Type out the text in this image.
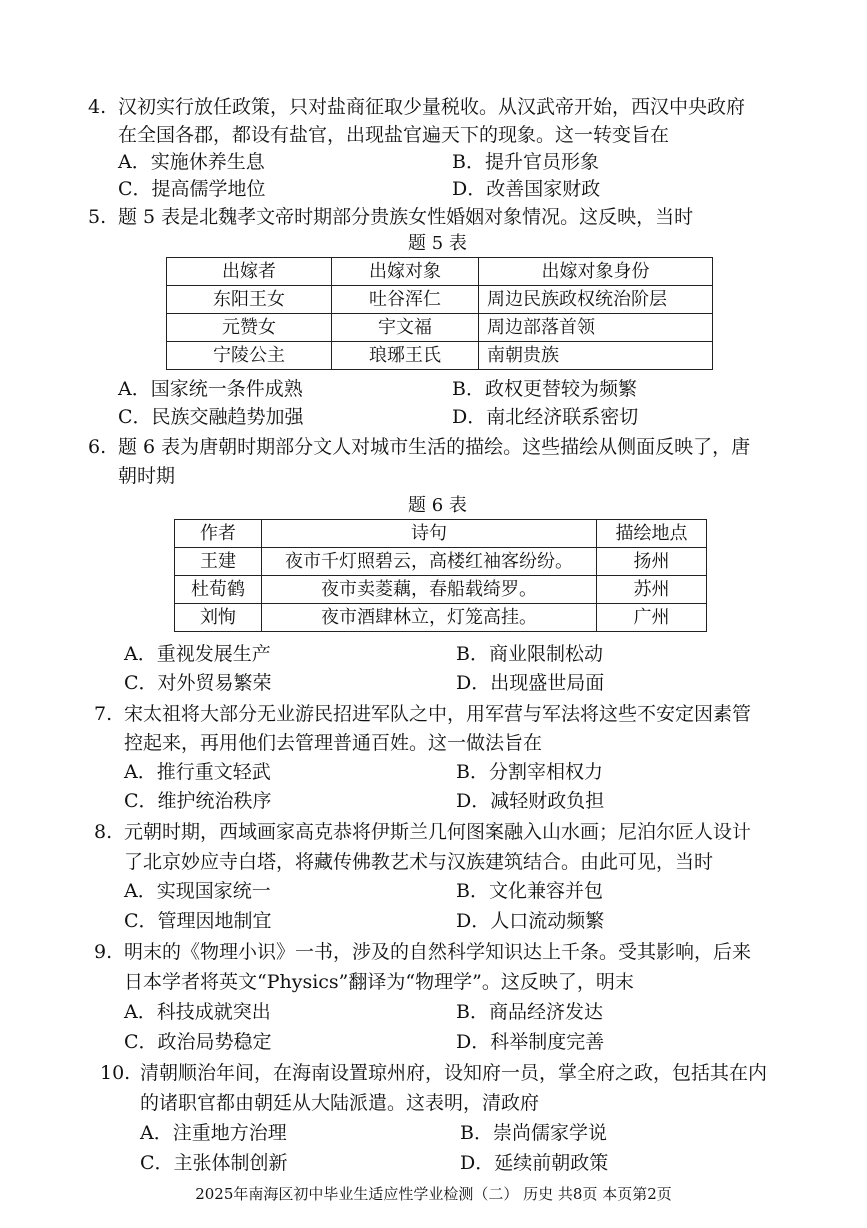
4. 汉初实行放任政策，只对盐商征取少量税收。从汉武帝开始，西汉中央政府
在全国各郡，都设有盐官，出现盐官遍天下的现象。这一转变旨在
A．实施休养生息	B．提升官员形象
C．提高儒学地位	D．改善国家财政
5. 题 5 表是北魏孝文帝时期部分贵族女性婚姻对象情况。这反映，当时
题 5 表
出嫁者	出嫁对象	出嫁对象身份
东阳王女	吐谷浑仁	周边民族政权统治阶层
元赞女	宇文福	周边部落首领
宁陵公主	琅琊王氏	南朝贵族
A．国家统一条件成熟	B．政权更替较为频繁
C．民族交融趋势加强	D．南北经济联系密切
6. 题 6 表为唐朝时期部分文人对城市生活的描绘。这些描绘从侧面反映了，唐
朝时期
题 6 表
作者	诗句	描绘地点
王建	夜市千灯照碧云，高楼红袖客纷纷。	扬州
杜荀鹤	夜市卖菱藕，春船载绮罗。	苏州
刘恂	夜市酒肆林立，灯笼高挂。	广州
A．重视发展生产	B．商业限制松动
C．对外贸易繁荣	D．出现盛世局面
7. 宋太祖将大部分无业游民招进军队之中，用军营与军法将这些不安定因素管
控起来，再用他们去管理普通百姓。这一做法旨在
A．推行重文轻武	B．分割宰相权力
C．维护统治秩序	D．减轻财政负担
8. 元朝时期，西域画家高克恭将伊斯兰几何图案融入山水画；尼泊尔匠人设计
了北京妙应寺白塔，将藏传佛教艺术与汉族建筑结合。由此可见，当时
A．实现国家统一	B．文化兼容并包
C．管理因地制宜	D．人口流动频繁
9. 明末的《物理小识》一书，涉及的自然科学知识达上千条。受其影响，后来
日本学者将英文“Physics”翻译为“物理学”。这反映了，明末
A．科技成就突出	B．商品经济发达
C．政治局势稳定	D．科举制度完善
10. 清朝顺治年间，在海南设置琼州府，设知府一员，掌全府之政，包括其在内
的诸职官都由朝廷从大陆派遣。这表明，清政府
A．注重地方治理	B．崇尚儒家学说
C．主张体制创新	D．延续前朝政策
2025年南海区初中毕业生适应性学业检测（二） 历史 共8页 本页第2页
